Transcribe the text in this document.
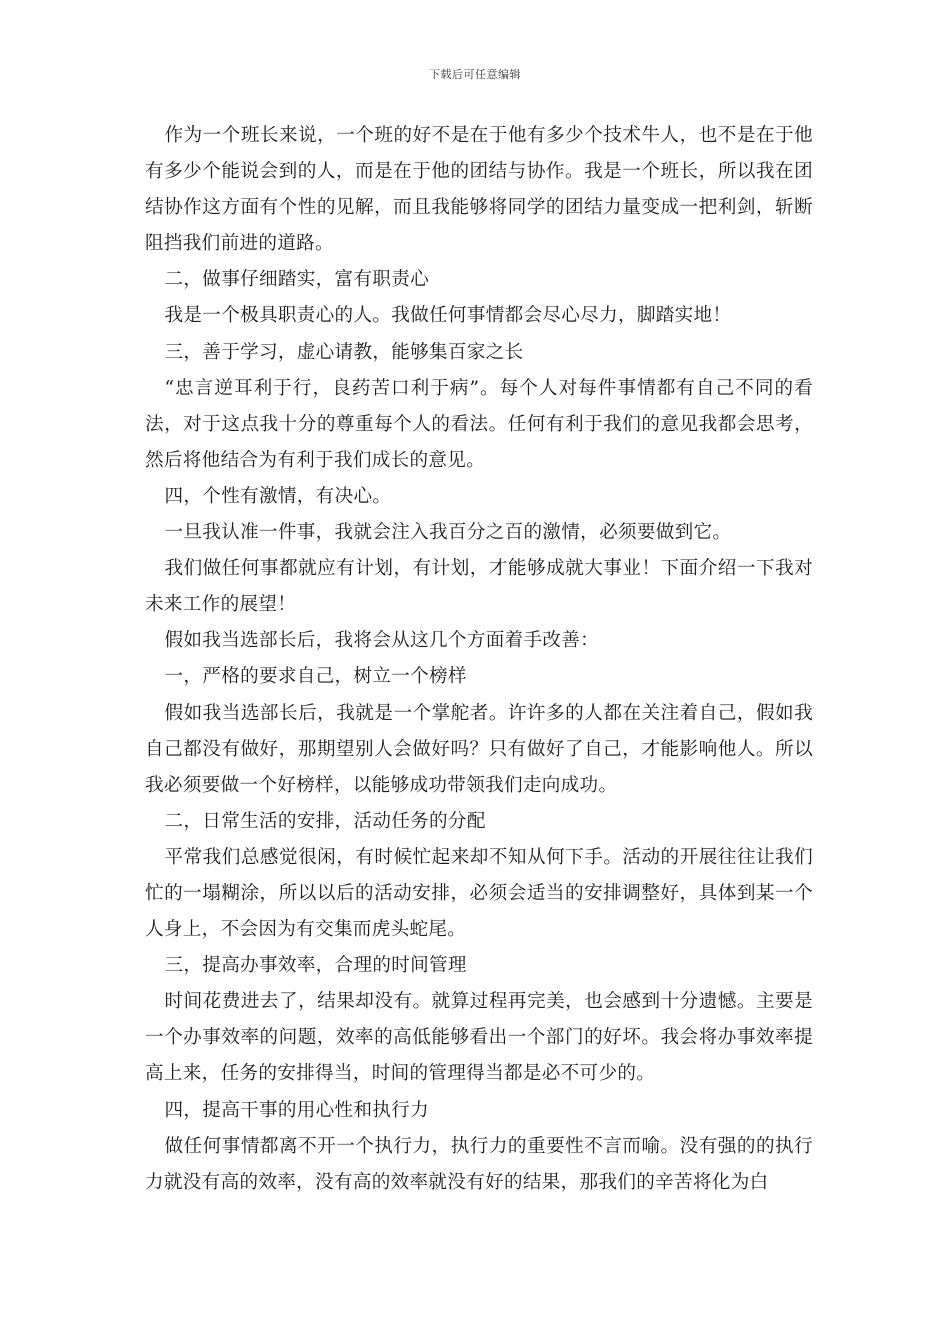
下载后可任意编辑

作为一个班长来说，一个班的好不是在于他有多少个技术牛人，也不是在于他有多少个能说会到的人，而是在于他的团结与协作。我是一个班长，所以我在团结协作这方面有个性的见解，而且我能够将同学的团结力量变成一把利剑，斩断阻挡我们前进的道路。

二，做事仔细踏实，富有职责心

我是一个极具职责心的人。我做任何事情都会尽心尽力，脚踏实地！

三，善于学习，虚心请教，能够集百家之长

“忠言逆耳利于行，良药苦口利于病”。每个人对每件事情都有自己不同的看法，对于这点我十分的尊重每个人的看法。任何有利于我们的意见我都会思考，然后将他结合为有利于我们成长的意见。

四，个性有激情，有决心。

一旦我认准一件事，我就会注入我百分之百的激情，必须要做到它。

我们做任何事都就应有计划，有计划，才能够成就大事业！下面介绍一下我对未来工作的展望！

假如我当选部长后，我将会从这几个方面着手改善：

一，严格的要求自己，树立一个榜样

假如我当选部长后，我就是一个掌舵者。许许多的人都在关注着自己，假如我自己都没有做好，那期望别人会做好吗？只有做好了自己，才能影响他人。所以我必须要做一个好榜样，以能够成功带领我们走向成功。

二，日常生活的安排，活动任务的分配

平常我们总感觉很闲，有时候忙起来却不知从何下手。活动的开展往往让我们忙的一塌糊涂，所以以后的活动安排，必须会适当的安排调整好，具体到某一个人身上，不会因为有交集而虎头蛇尾。

三，提高办事效率，合理的时间管理

时间花费进去了，结果却没有。就算过程再完美，也会感到十分遗憾。主要是一个办事效率的问题，效率的高低能够看出一个部门的好坏。我会将办事效率提高上来，任务的安排得当，时间的管理得当都是必不可少的。

四，提高干事的用心性和执行力

做任何事情都离不开一个执行力，执行力的重要性不言而喻。没有强的的执行力就没有高的效率，没有高的效率就没有好的结果，那我们的辛苦将化为白
